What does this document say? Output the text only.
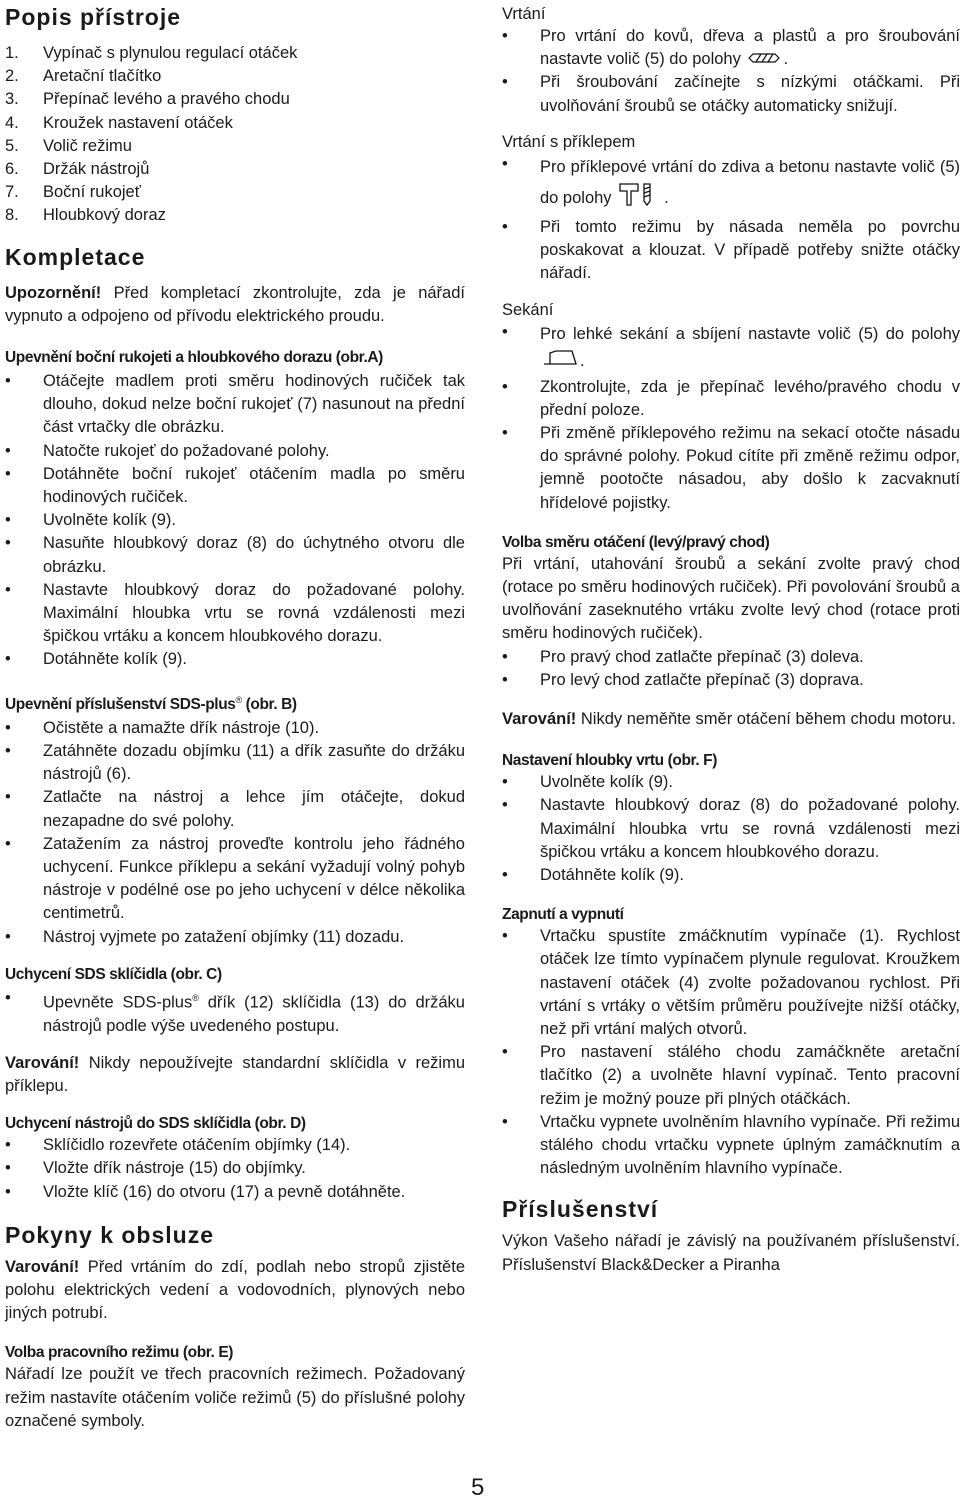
Popis přístroje
1.	Vypínač s plynulou regulací otáček
2.	Aretační tlačítko
3.	Přepínač levého a pravého chodu
4.	Kroužek nastavení otáček
5.	Volič režimu
6.	Držák nástrojů
7.	Boční rukojeť
8.	Hloubkový doraz
Kompletace

Upozornění! Před kompletací zkontrolujte, zda je nářadí vypnuto a odpojeno od přívodu elektrického proudu.

Upevnění boční rukojeti a hloubkového dorazu (obr.A)
•	Otáčejte madlem proti směru hodinových ručiček tak dlouho, dokud nelze boční rukojeť (7) nasunout na přední část vrtačky dle obrázku.
•	Natočte rukojeť do požadované polohy.
•	Dotáhněte boční rukojeť otáčením madla po směru hodinových ručiček.
•	Uvolněte kolík (9).
•	Nasuňte hloubkový doraz (8) do úchytného otvoru dle obrázku.
•	Nastavte hloubkový doraz do požadované polohy. Maximální hloubka vrtu se rovná vzdálenosti mezi špičkou vrtáku a koncem hloubkového dorazu.
•	Dotáhněte kolík (9).
Upevnění příslušenství SDS-plus® (obr. B)
•	Očistěte a namažte dřík nástroje (10).
•	Zatáhněte dozadu objímku (11) a dřík zasuňte do držáku nástrojů (6).
•	Zatlačte na nástroj a lehce jím otáčejte, dokud nezapadne do své polohy.
•	Zatažením za nástroj proveďte kontrolu jeho řádného uchycení. Funkce příklepu a sekání vyžadují volný pohyb nástroje v podélné ose po jeho uchycení v délce několika centimetrů.
•	Nástroj vyjmete po zatažení objímky (11) dozadu.
Uchycení SDS sklíčidla (obr. C)
•	Upevněte SDS-plus® dřík (12) sklíčidla (13) do držáku nástrojů podle výše uvedeného postupu.

Varování! Nikdy nepoužívejte standardní sklíčidla v režimu příklepu.

Uchycení nástrojů do SDS sklíčidla (obr. D)
•	Sklíčidlo rozevřete otáčením objímky (14).
•	Vložte dřík nástroje (15) do objímky.
•	Vložte klíč (16) do otvoru (17) a pevně dotáhněte.
Pokyny k obsluze

Varování! Před vrtáním do zdí, podlah nebo stropů zjistěte polohu elektrických vedení a vodovodních, plynových nebo jiných potrubí.

Volba pracovního režimu (obr. E)

Nářadí lze použít ve třech pracovních režimech. Požadovaný režim nastavíte otáčením voliče režimů (5) do příslušné polohy označené symboly.

Vrtání
•	Pro vrtání do kovů, dřeva a plastů a pro šroubování nastavte volič (5) do polohy	.
•	Při šroubování začínejte s nízkými otáčkami. Při uvolňování šroubů se otáčky automaticky snižují.
Vrtání s příklepem
•	Pro příklepové vrtání do zdiva a betonu nastavte volič (5) do polohy	.
•	Při tomto režimu by násada neměla po povrchu poskakovat a klouzat. V případě potřeby snižte otáčky nářadí.
Sekání
•	Pro lehké sekání a sbíjení nastavte volič (5) do polohy .
•	Zkontrolujte, zda je přepínač levého/pravého chodu v přední poloze.
•	Při změně příklepového režimu na sekací otočte násadu do správné polohy. Pokud cítíte při změně režimu odpor, jemně pootočte násadou, aby došlo k zacvaknutí hřídelové pojistky.
Volba směru otáčení (levý/pravý chod)

Při vrtání, utahování šroubů a sekání zvolte pravý chod (rotace po směru hodinových ručiček). Při povolování šroubů a uvolňování zaseknutého vrtáku zvolte levý chod (rotace proti směru hodinových ručiček).

•	Pro pravý chod zatlačte přepínač (3) doleva.
•	Pro levý chod zatlačte přepínač (3) doprava.

Varování! Nikdy neměňte směr otáčení během chodu motoru.

Nastavení hloubky vrtu (obr. F)
•	Uvolněte kolík (9).
•	Nastavte hloubkový doraz (8) do požadované polohy. Maximální hloubka vrtu se rovná vzdálenosti mezi špičkou vrtáku a koncem hloubkového dorazu.
•	Dotáhněte kolík (9).
Zapnutí a vypnutí
•	Vrtačku spustíte zmáčknutím vypínače (1). Rychlost otáček lze tímto vypínačem plynule regulovat. Kroužkem nastavení otáček (4) zvolte požadovanou rychlost. Při vrtání s vrtáky o větším průměru používejte nižší otáčky, než při vrtání malých otvorů.
•	Pro nastavení stálého chodu zamáčkněte aretační tlačítko (2) a uvolněte hlavní vypínač. Tento pracovní režim je možný pouze při plných otáčkách.
•	Vrtačku vypnete uvolněním hlavního vypínače. Při režimu stálého chodu vrtačku vypnete úplným zamáčknutím a následným uvolněním hlavního vypínače.
Příslušenství

Výkon Vašeho nářadí je závislý na používaném příslušenství. Příslušenství Black&Decker a Piranha

5
